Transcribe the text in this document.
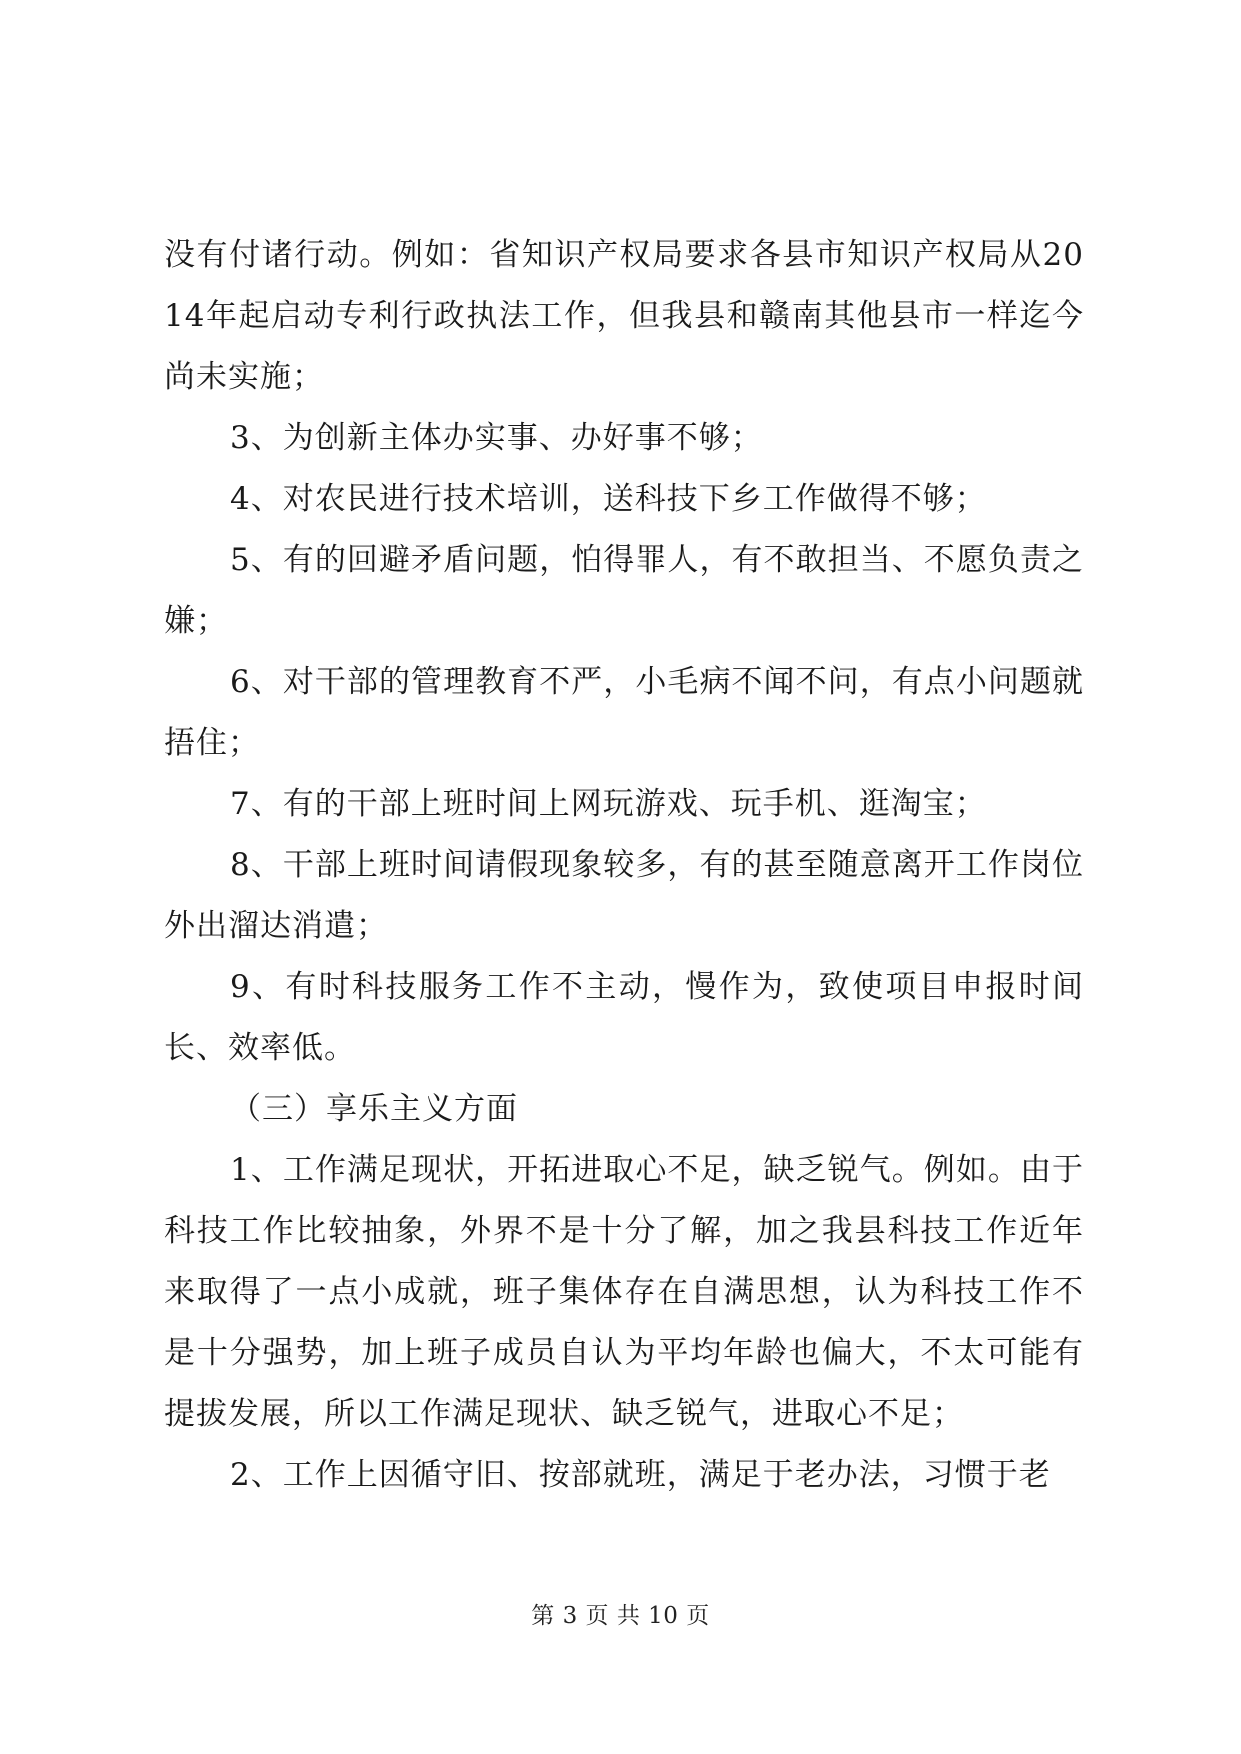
没有付诸行动。例如：省知识产权局要求各县市知识产权局从2014年起启动专利行政执法工作，但我县和赣南其他县市一样迄今尚未实施；

3、为创新主体办实事、办好事不够；

4、对农民进行技术培训，送科技下乡工作做得不够；

5、有的回避矛盾问题，怕得罪人，有不敢担当、不愿负责之嫌；

6、对干部的管理教育不严，小毛病不闻不问，有点小问题就捂住；

7、有的干部上班时间上网玩游戏、玩手机、逛淘宝；

8、干部上班时间请假现象较多，有的甚至随意离开工作岗位外出溜达消遣；

9、有时科技服务工作不主动，慢作为，致使项目申报时间长、效率低。

（三）享乐主义方面

1、工作满足现状，开拓进取心不足，缺乏锐气。例如。由于科技工作比较抽象，外界不是十分了解，加之我县科技工作近年来取得了一点小成就，班子集体存在自满思想，认为科技工作不是十分强势，加上班子成员自认为平均年龄也偏大，不太可能有提拔发展，所以工作满足现状、缺乏锐气，进取心不足；

2、工作上因循守旧、按部就班，满足于老办法，习惯于老

第 3 页 共 10 页
